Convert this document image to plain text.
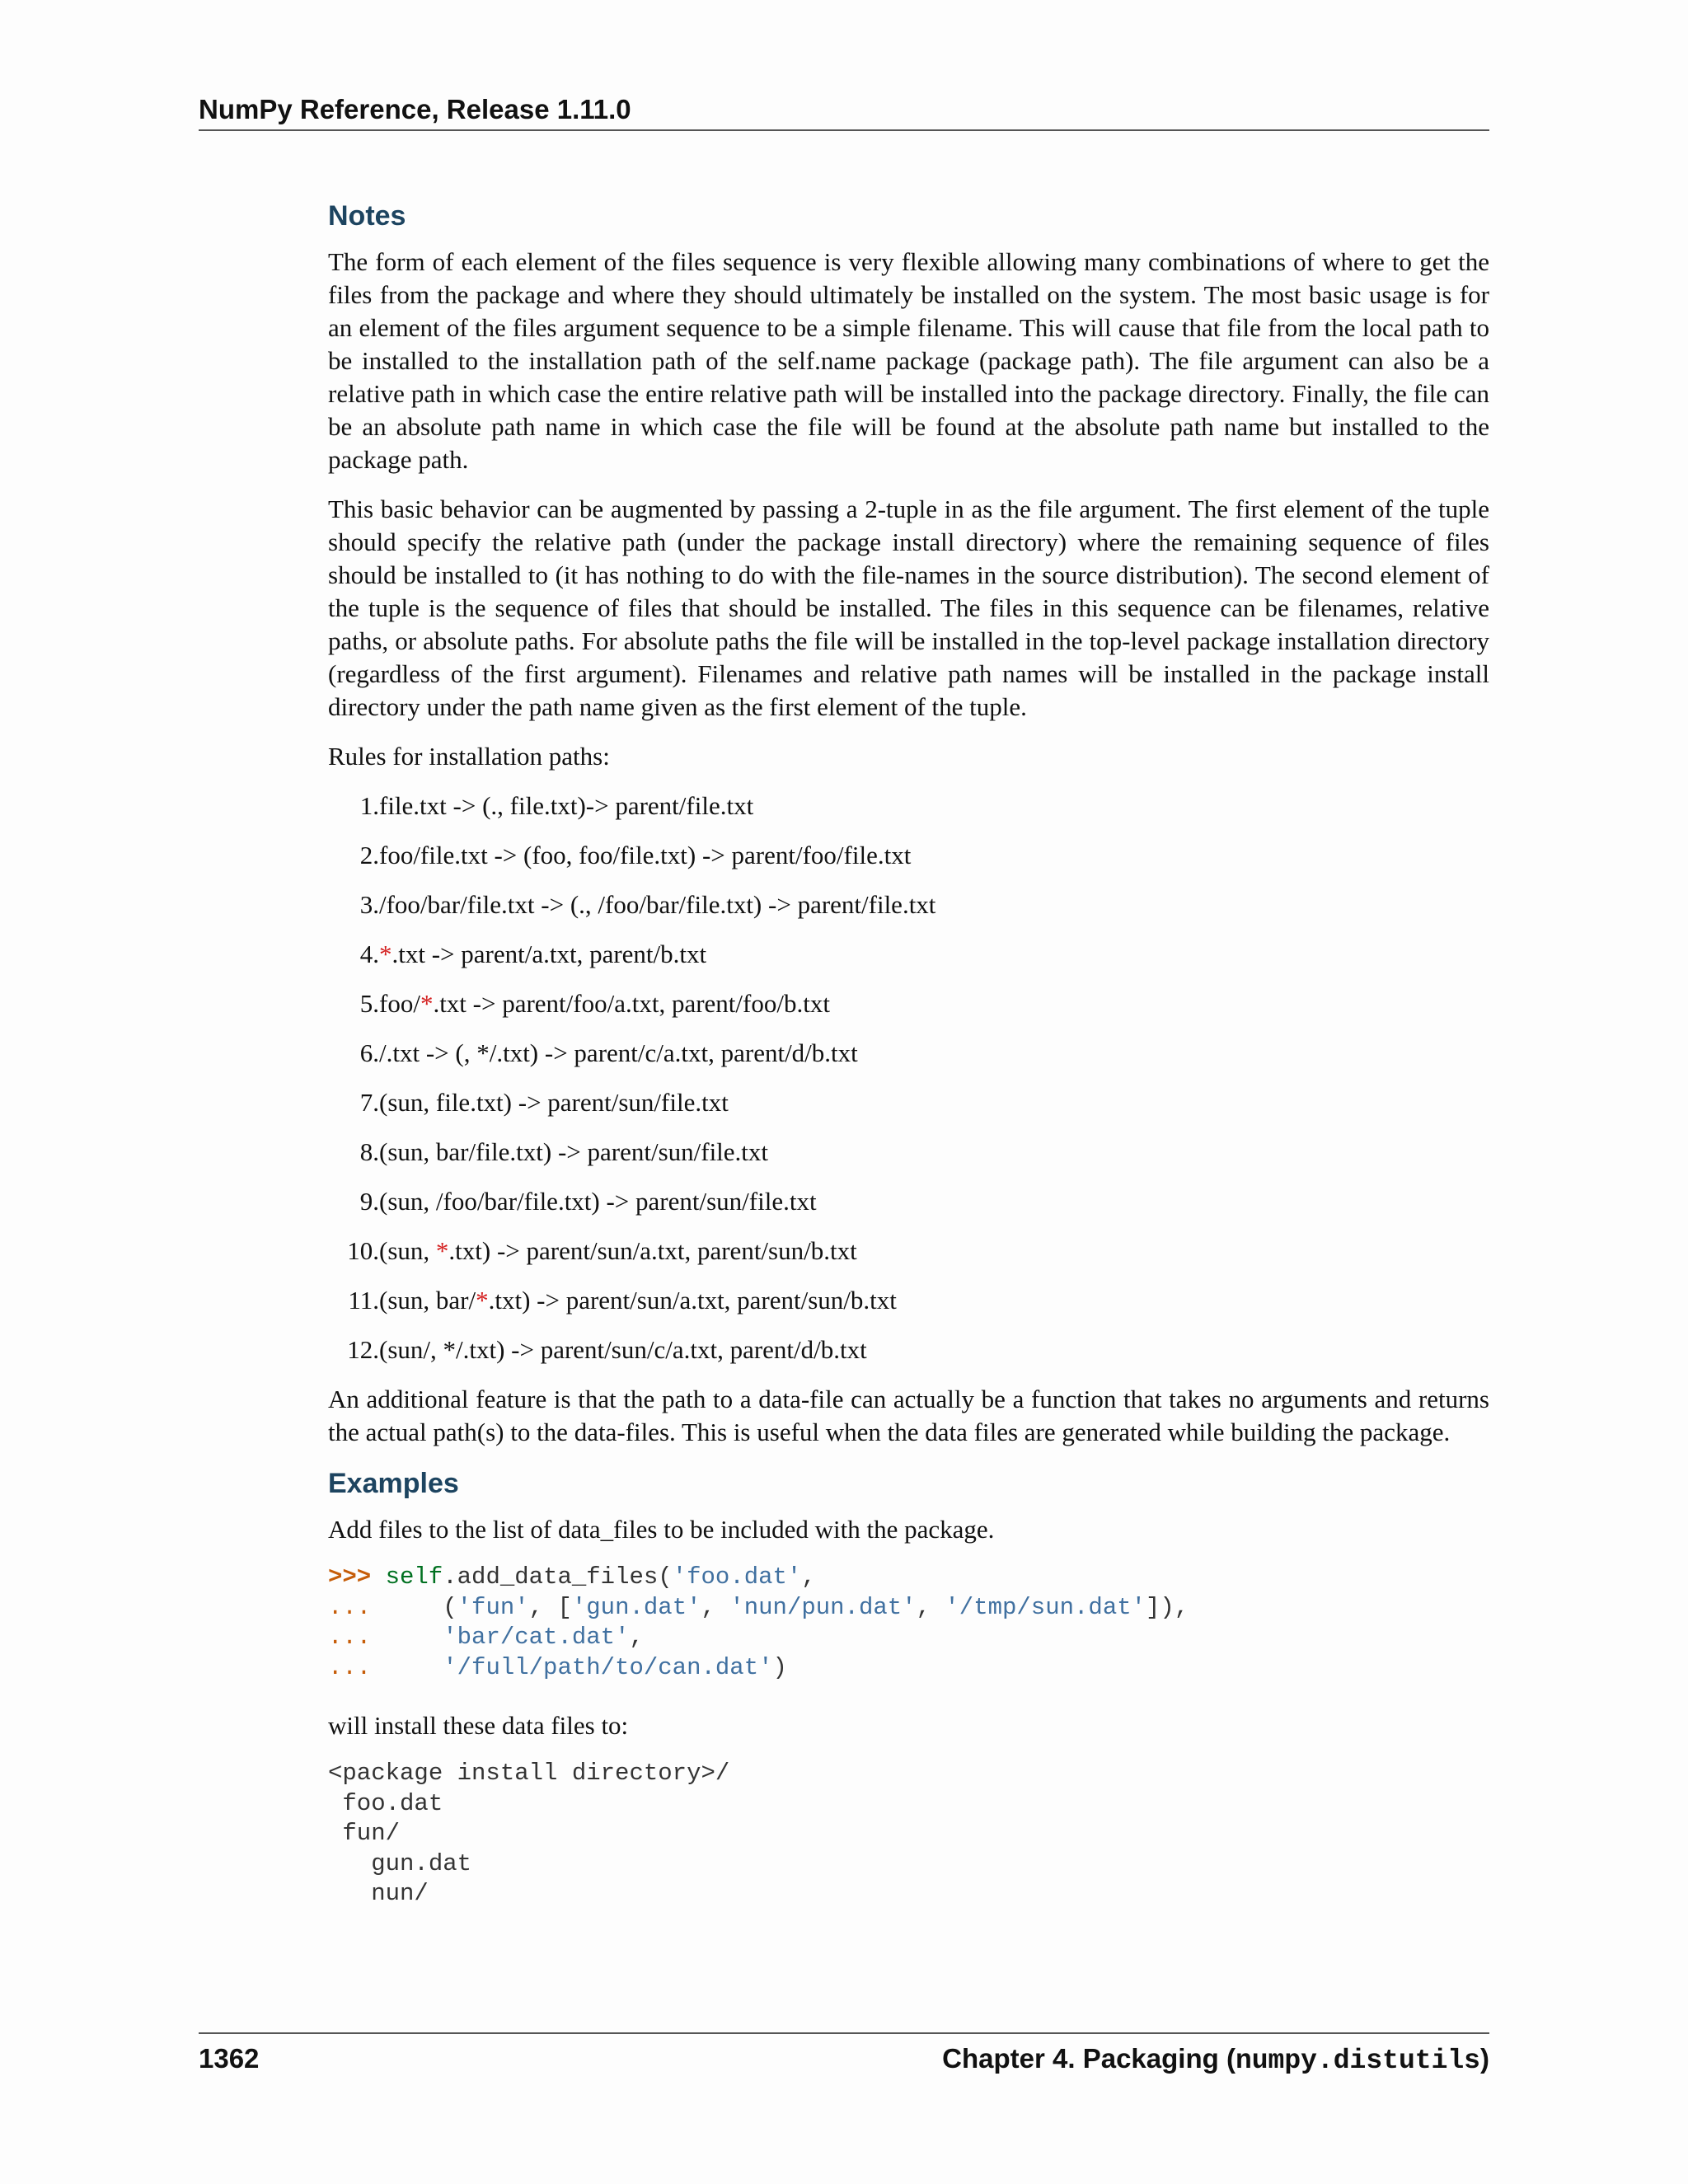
NumPy Reference, Release 1.11.0
Notes

The form of each element of the files sequence is very flexible allowing many combinations of where to get the files from the package and where they should ultimately be installed on the system. The most basic usage is for an element of the files argument sequence to be a simple filename. This will cause that file from the local path to be installed to the installation path of the self.name package (package path). The file argument can also be a relative path in which case the entire relative path will be installed into the package directory. Finally, the file can be an absolute path name in which case the file will be found at the absolute path name but installed to the package path.

This basic behavior can be augmented by passing a 2-tuple in as the file argument. The first element of the tuple should specify the relative path (under the package install directory) where the remaining sequence of files should be installed to (it has nothing to do with the file-names in the source distribution). The second element of the tuple is the sequence of files that should be installed. The files in this sequence can be filenames, relative paths, or absolute paths. For absolute paths the file will be installed in the top-level package installation directory (regardless of the first argument). Filenames and relative path names will be installed in the package install directory under the path name given as the first element of the tuple.

Rules for installation paths:

1. file.txt -> (., file.txt)-> parent/file.txt
2. foo/file.txt -> (foo, foo/file.txt) -> parent/foo/file.txt
3. /foo/bar/file.txt -> (., /foo/bar/file.txt) -> parent/file.txt
4. *.txt -> parent/a.txt, parent/b.txt
5. foo/*.txt -> parent/foo/a.txt, parent/foo/b.txt
6. /.txt -> (, */.txt) -> parent/c/a.txt, parent/d/b.txt
7. (sun, file.txt) -> parent/sun/file.txt
8. (sun, bar/file.txt) -> parent/sun/file.txt
9. (sun, /foo/bar/file.txt) -> parent/sun/file.txt
10. (sun, *.txt) -> parent/sun/a.txt, parent/sun/b.txt
11. (sun, bar/*.txt) -> parent/sun/a.txt, parent/sun/b.txt
12. (sun/, */.txt) -> parent/sun/c/a.txt, parent/d/b.txt

An additional feature is that the path to a data-file can actually be a function that takes no arguments and returns the actual path(s) to the data-files. This is useful when the data files are generated while building the package.

Examples

Add files to the list of data_files to be included with the package.

>>> self.add_data_files('foo.dat',
...     ('fun', ['gun.dat', 'nun/pun.dat', '/tmp/sun.dat']),
...	'bar/cat.dat',
...	'/full/path/to/can.dat')

will install these data files to:

<package install directory>/
foo.dat
fun/
gun.dat
nun/
1362	Chapter 4. Packaging (numpy.distutils)
